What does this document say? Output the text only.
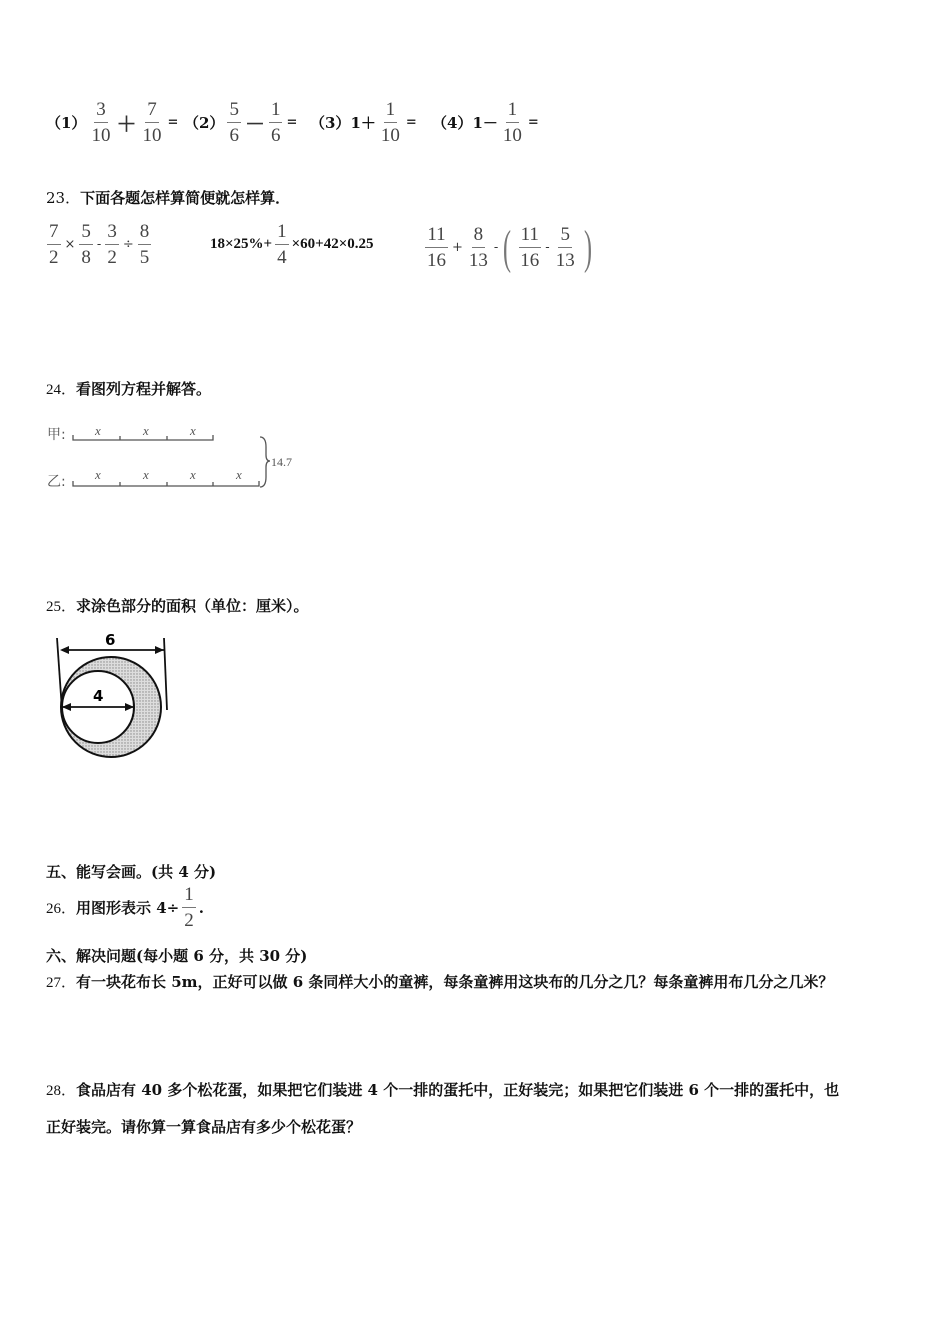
$(1) \frac{3}{10} + \frac{7}{10} = (2) \frac{5}{6} - \frac{1}{6} = (3)$ $1+ \frac{1}{10} = (4)$ $1- \frac{1}{10}$ =
23．下面各题怎样算简便就怎样算．
$\frac{7}{2} \times \frac{5}{8} - \frac{3}{2} \div \frac{8}{5}$	$18\times 25\%+ \frac{1}{4} \times 60+42\times 0.25$	$\frac{11}{16} + \frac{8}{13}$ - ( $\frac{11}{16} - \frac{5}{13}$ )
24．看图列方程并解答。
x	x	x
x	x	x	x
甲:
乙:
14.7
25．求涂色部分的面积（单位：厘米）。
6
4
五、能写会画。(共 4 分)
26． 用图形表示 $4\div \frac{1}{2}$ .
六、解决问题(每小题 6 分，共 30 分)
27．有一块花布长 5m，正好可以做 6 条同样大小的童裤，每条童裤用这块布的几分之几？每条童裤用布几分之几米？
28．食品店有 40 多个松花蛋，如果把它们装进 4 个一排的蛋托中，正好装完；如果把它们装进 6 个一排的蛋托中，也
正好装完。请你算一算食品店有多少个松花蛋？
